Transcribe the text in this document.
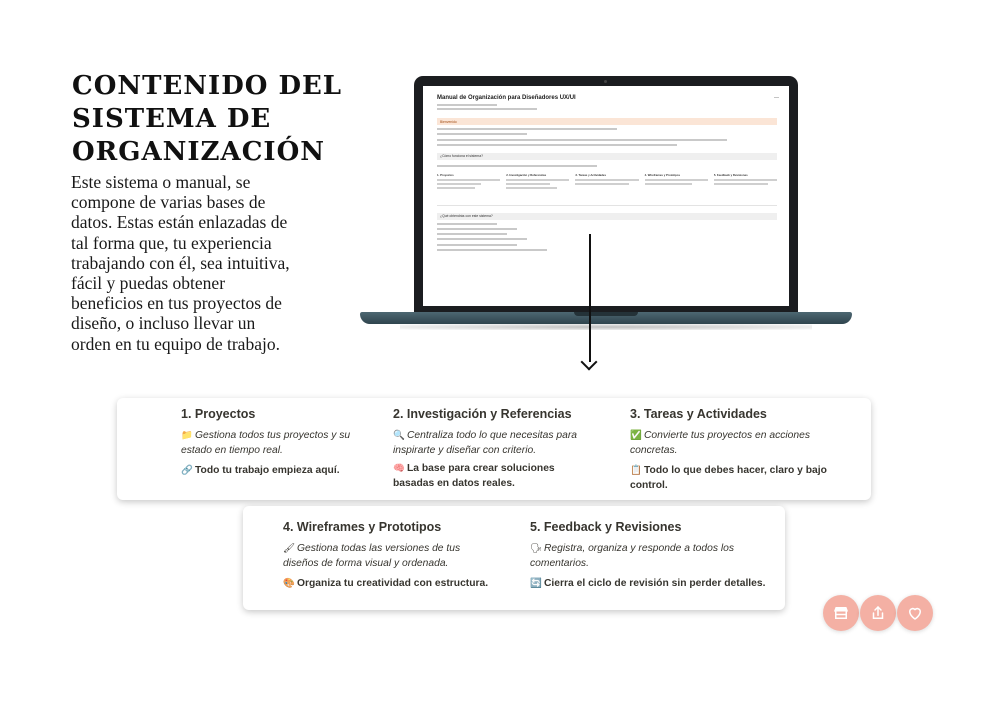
CONTENIDO DEL
SISTEMA DE
ORGANIZACIÓN

Este sistema o manual, se compone de varias bases de datos. Estas están enlazadas de tal forma que, tu experiencia trabajando con él, sea intuitiva, fácil y puedas obtener beneficios en tus proyectos de diseño, o incluso llevar un orden en tu equipo de trabajo.

Manual de Organización para Diseñadores UX/UI	—
Bienvenido
¿Cómo funciona el sistema?
1. Proyectos	2. Investigación y Referencias	3. Tareas y Actividades	4. Wireframes y Prototipos	5. Feedback y Revisiones
¿Qué obtendrás con este sistema?
1. Proyectos
📁 Gestiona todos tus proyectos y su estado en tiempo real.
🔗 Todo tu trabajo empieza aquí.
2. Investigación y Referencias
🔍 Centraliza todo lo que necesitas para inspirarte y diseñar con criterio.
🧠 La base para crear soluciones basadas en datos reales.
3. Tareas y Actividades
✅ Convierte tus proyectos en acciones concretas.
📋 Todo lo que debes hacer, claro y bajo control.
4. Wireframes y Prototipos
🖌 Gestiona todas las versiones de tus diseños de forma visual y ordenada.
🎨 Organiza tu creatividad con estructura.
5. Feedback y Revisiones
🗣 Registra, organiza y responde a todos los comentarios.
🔄 Cierra el ciclo de revisión sin perder detalles.
